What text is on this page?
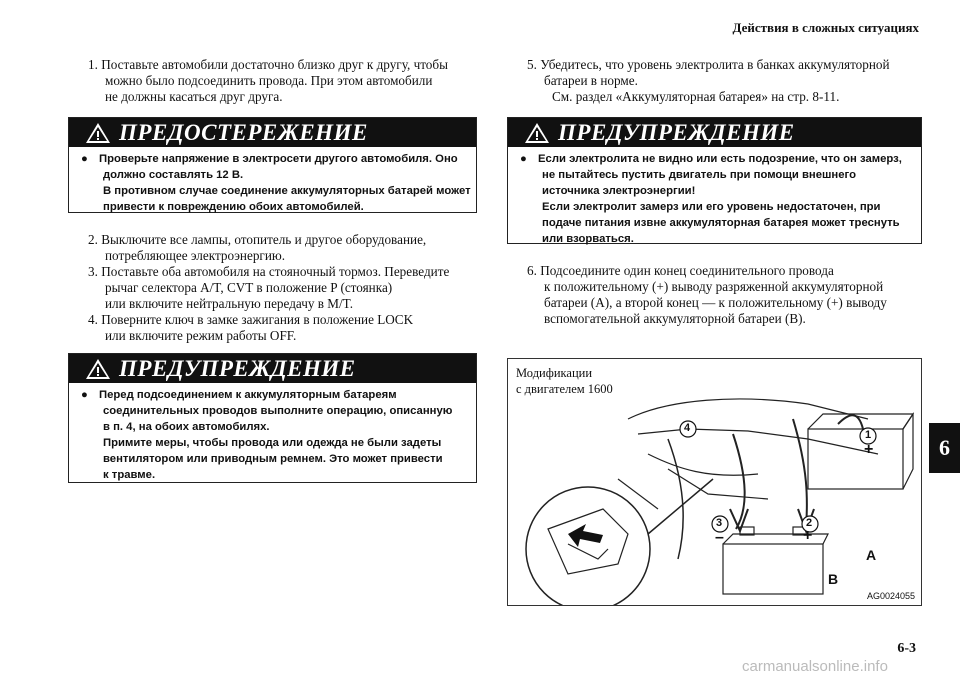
Действия в сложных ситуациях
6-3
6
1. Поставьте автомобили достаточно близко друг к другу, чтобы
можно было подсоединить провода. При этом автомобили
не должны касаться друг друга.
ПРЕДОСТЕРЕЖЕНИЕ
● Проверьте напряжение в электросети другого автомобиля. Оно
должно составлять 12 В.
В противном случае соединение аккумуляторных батарей может
привести к повреждению обоих автомобилей.
2. Выключите все лампы, отопитель и другое оборудование,
потребляющее электроэнергию.
3. Поставьте оба автомобиля на стояночный тормоз. Переведите
рычаг селектора A/T, CVT в положение P (стоянка)
или включите нейтральную передачу в M/T.
4. Поверните ключ в замке зажигания в положение LOCK
или включите режим работы OFF.
ПРЕДУПРЕЖДЕНИЕ
● Перед подсоединением к аккумуляторным батареям
соединительных проводов выполните операцию, описанную
в п. 4, на обоих автомобилях.
Примите меры, чтобы провода или одежда не были задеты
вентилятором или приводным ремнем. Это может привести
к травме.
5. Убедитесь, что уровень электролита в банках аккумуляторной
батареи в норме.
См. раздел «Аккумуляторная батарея» на стр. 8-11.
ПРЕДУПРЕЖДЕНИЕ
● Если электролита не видно или есть подозрение, что он замерз,
не пытайтесь пустить двигатель при помощи внешнего
источника электроэнергии!
Если электролит замерз или его уровень недостаточен, при
подаче питания извне аккумуляторная батарея может треснуть
или взорваться.
6. Подсоедините один конец соединительного провода
к положительному (+) выводу разряженной аккумуляторной
батареи (A), а второй конец — к положительному (+) выводу
вспомогательной аккумуляторной батареи (B).
Модификации
с двигателем 1600
4
1
3	2
–	+
+
A
B
AG0024055
carmanualsonline.info
